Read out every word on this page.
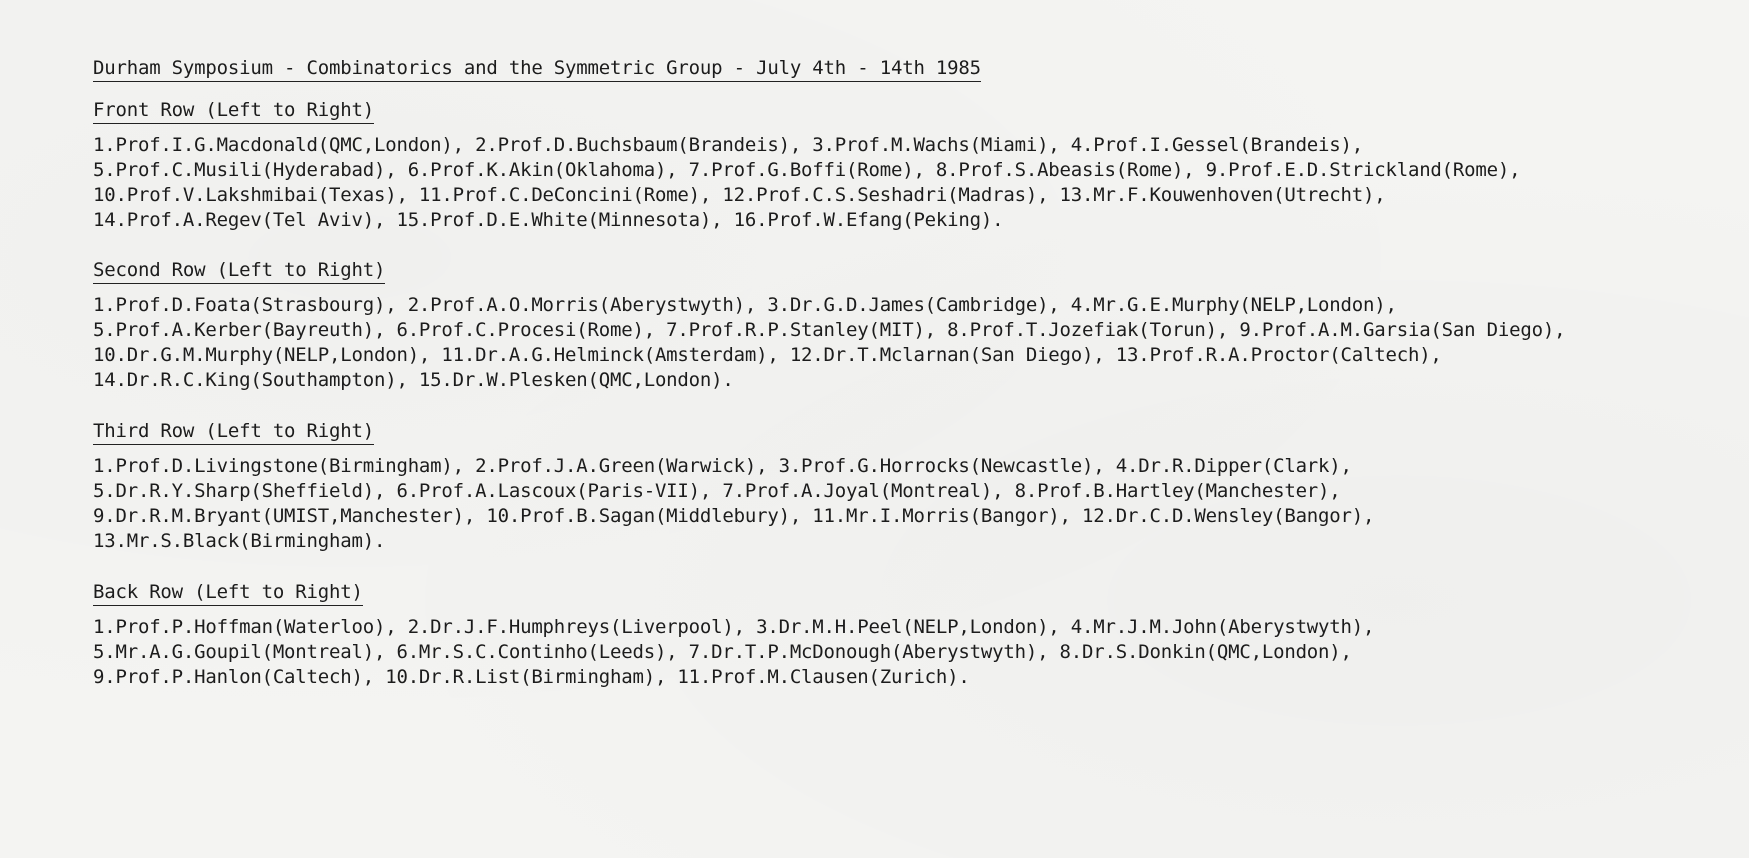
Durham Symposium - Combinatorics and the Symmetric Group - July 4th - 14th 1985
Front Row (Left to Right)
1.Prof.I.G.Macdonald(QMC,London), 2.Prof.D.Buchsbaum(Brandeis), 3.Prof.M.Wachs(Miami), 4.Prof.I.Gessel(Brandeis),
5.Prof.C.Musili(Hyderabad), 6.Prof.K.Akin(Oklahoma), 7.Prof.G.Boffi(Rome), 8.Prof.S.Abeasis(Rome), 9.Prof.E.D.Strickland(Rome),
10.Prof.V.Lakshmibai(Texas), 11.Prof.C.DeConcini(Rome), 12.Prof.C.S.Seshadri(Madras), 13.Mr.F.Kouwenhoven(Utrecht),
14.Prof.A.Regev(Tel Aviv), 15.Prof.D.E.White(Minnesota), 16.Prof.W.Efang(Peking).
Second Row (Left to Right)
1.Prof.D.Foata(Strasbourg), 2.Prof.A.O.Morris(Aberystwyth), 3.Dr.G.D.James(Cambridge), 4.Mr.G.E.Murphy(NELP,London),
5.Prof.A.Kerber(Bayreuth), 6.Prof.C.Procesi(Rome), 7.Prof.R.P.Stanley(MIT), 8.Prof.T.Jozefiak(Torun), 9.Prof.A.M.Garsia(San Diego),
10.Dr.G.M.Murphy(NELP,London), 11.Dr.A.G.Helminck(Amsterdam), 12.Dr.T.Mclarnan(San Diego), 13.Prof.R.A.Proctor(Caltech),
14.Dr.R.C.King(Southampton), 15.Dr.W.Plesken(QMC,London).
Third Row (Left to Right)
1.Prof.D.Livingstone(Birmingham), 2.Prof.J.A.Green(Warwick), 3.Prof.G.Horrocks(Newcastle), 4.Dr.R.Dipper(Clark),
5.Dr.R.Y.Sharp(Sheffield), 6.Prof.A.Lascoux(Paris-VII), 7.Prof.A.Joyal(Montreal), 8.Prof.B.Hartley(Manchester),
9.Dr.R.M.Bryant(UMIST,Manchester), 10.Prof.B.Sagan(Middlebury), 11.Mr.I.Morris(Bangor), 12.Dr.C.D.Wensley(Bangor),
13.Mr.S.Black(Birmingham).
Back Row (Left to Right)
1.Prof.P.Hoffman(Waterloo), 2.Dr.J.F.Humphreys(Liverpool), 3.Dr.M.H.Peel(NELP,London), 4.Mr.J.M.John(Aberystwyth),
5.Mr.A.G.Goupil(Montreal), 6.Mr.S.C.Continho(Leeds), 7.Dr.T.P.McDonough(Aberystwyth), 8.Dr.S.Donkin(QMC,London),
9.Prof.P.Hanlon(Caltech), 10.Dr.R.List(Birmingham), 11.Prof.M.Clausen(Zurich).
